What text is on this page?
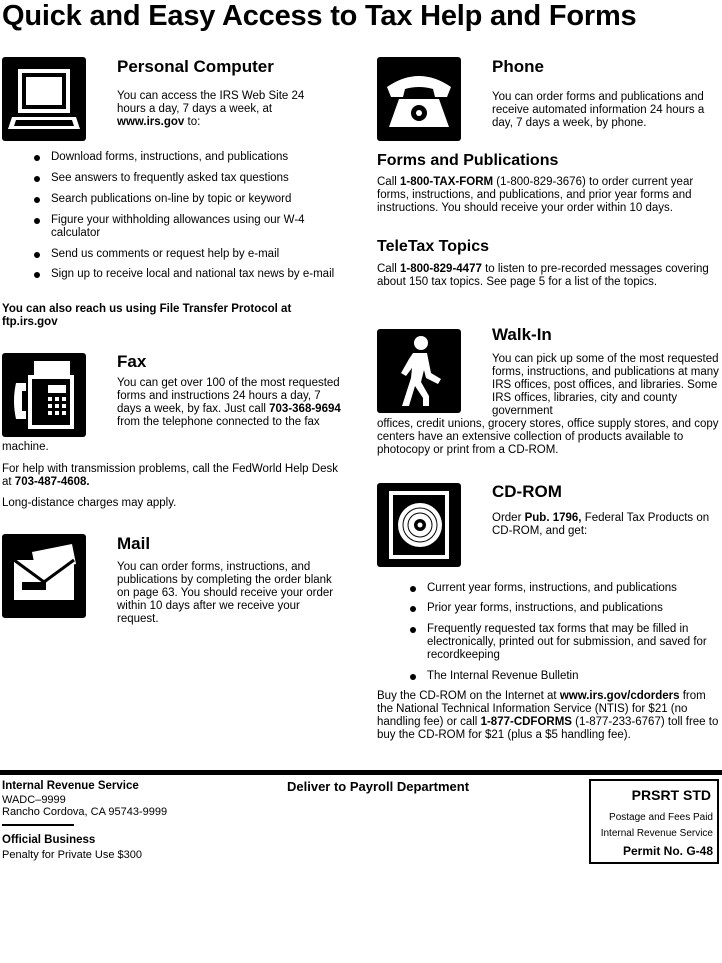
Quick and Easy Access to Tax Help and Forms
Personal Computer
You can access the IRS Web Site 24 hours a day, 7 days a week, at www.irs.gov to:
Download forms, instructions, and publications
See answers to frequently asked tax questions
Search publications on-line by topic or keyword
Figure your withholding allowances using our W-4 calculator
Send us comments or request help by e-mail
Sign up to receive local and national tax news by e-mail
You can also reach us using File Transfer Protocol at ftp.irs.gov
Fax
You can get over 100 of the most requested forms and instructions 24 hours a day, 7 days a week, by fax. Just call 703-368-9694 from the telephone connected to the fax
machine.
For help with transmission problems, call the FedWorld Help Desk at 703-487-4608.
Long-distance charges may apply.
Mail
You can order forms, instructions, and publications by completing the order blank on page 63. You should receive your order within 10 days after we receive your request.
Phone
You can order forms and publications and receive automated information 24 hours a day, 7 days a week, by phone.
Forms and Publications
Call 1-800-TAX-FORM (1-800-829-3676) to order current year forms, instructions, and publications, and prior year forms and instructions. You should receive your order within 10 days.
TeleTax Topics
Call 1-800-829-4477 to listen to pre-recorded messages covering about 150 tax topics. See page 5 for a list of the topics.
Walk-In
You can pick up some of the most requested forms, instructions, and publications at many IRS offices, post offices, and libraries. Some IRS offices, libraries, city and county government
offices, credit unions, grocery stores, office supply stores, and copy centers have an extensive collection of products available to photocopy or print from a CD-ROM.
CD-ROM
Order Pub. 1796, Federal Tax Products on CD-ROM, and get:
Current year forms, instructions, and publications
Prior year forms, instructions, and publications
Frequently requested tax forms that may be filled in electronically, printed out for submission, and saved for recordkeeping
The Internal Revenue Bulletin
Buy the CD-ROM on the Internet at www.irs.gov/cdorders from the National Technical Information Service (NTIS) for $21 (no handling fee) or call 1-877-CDFORMS (1-877-233-6767) toll free to buy the CD-ROM for $21 (plus a $5 handling fee).
Internal Revenue Service
WADC–9999
Rancho Cordova, CA 95743-9999
Official Business
Penalty for Private Use $300
Deliver to Payroll Department
PRSRT STD
Postage and Fees Paid
Internal Revenue Service
Permit No. G-48
